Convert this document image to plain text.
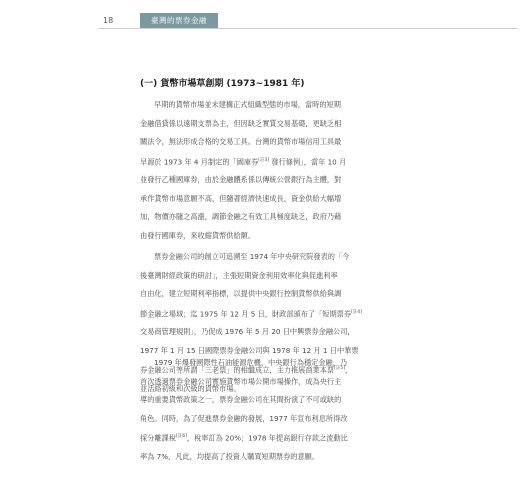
18	臺灣的票券金融
(一) 貨幣市場草創期 (1973~1981 年)
早期的貨幣市場並未建構正式組織型態的市場，當時的短期
金融借貸係以遠期支票為主，但因缺乏實質交易基礎，更缺乏相
關法令，無法形成合格的交易工具。台灣的貨幣市場信用工具最
早源於 1973 年 4 月制定的「國庫券[註3] 發行條例」，當年 10 月
並發行乙種國庫券，由於金融體系係以傳統公營銀行為主體，對
承作貨幣市場意願不高，但隨著經濟快速成長，資金供給大幅增
加，物價亦隨之高漲，調節金融之有效工具極度缺乏，政府乃藉
由發行國庫券，來收縮貨幣供給額。
票券金融公司的創立可追溯至 1974 年中央研究院發表的「今
後臺灣財經政策的研討」，主張短期資金利用效率化與促進利率
自由化，建立短期利率指標，以提供中央銀行控制貨幣供給與調
節金融之場域；迄 1975 年 12 月 5 日，財政部頒布了「短期票券[註4]
交易商管理規則」，乃促成 1976 年 5 月 20 日中興票券金融公司，
1977 年 1 月 15 日國際票券金融公司與 1978 年 12 月 1 日中華票
券金融公司等所謂「三老票」的相繼成立，主力推展商業本票[註5]，
並活絡初級和次級的貨幣市場。
1979 年爆發國際性石油能源危機，中央銀行為穩定金融，乃
首次透過票券金融公司實施貨幣市場公開市場操作，成為央行主
導的重要貨幣政策之一，票券金融公司在其間扮演了不可或缺的
角色。同時，為了促進票券金融的發展，1977 年宣布利息所得改
採分離課稅[註6]，稅率訂為 20%；1978 年提高銀行存款之流動比
率為 7%，凡此，均提高了投資人購買短期票券的意願。
